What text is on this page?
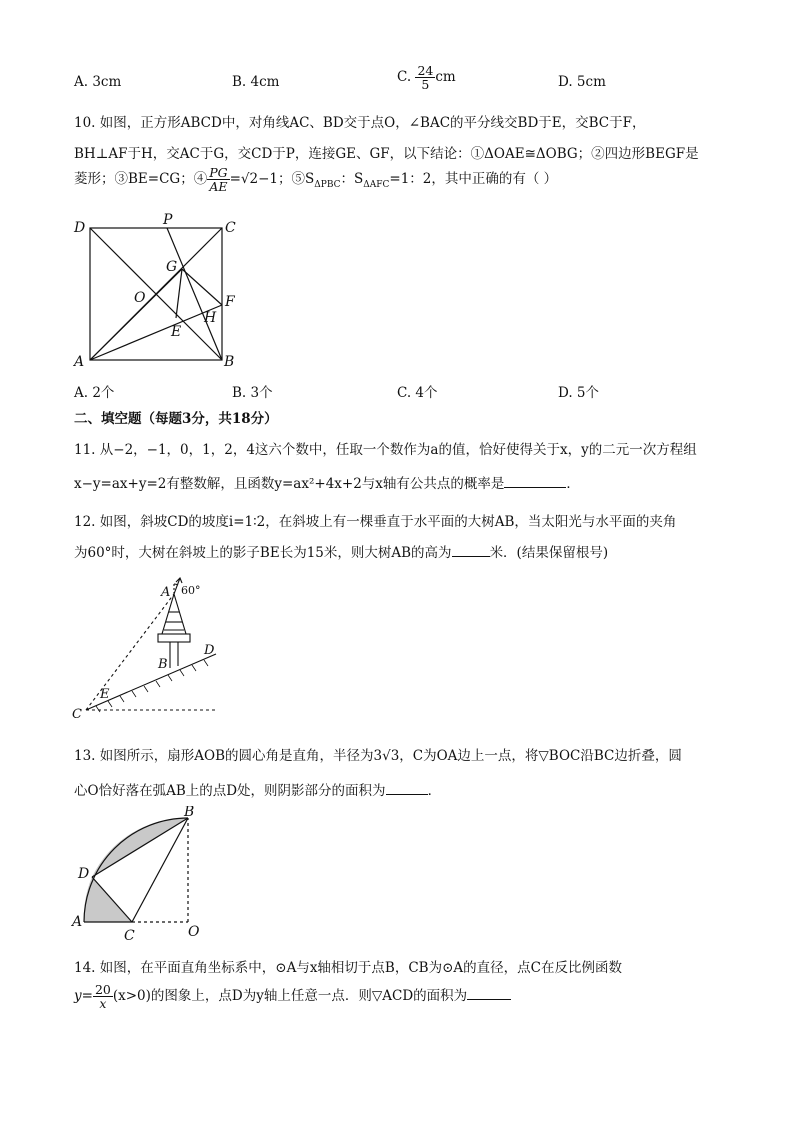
A. 3cm	B. 4cm	C. $\frac{24}{5}$ cm	D. 5cm
10. 如图，正方形ABCD中，对角线AC、BD交于点O，∠BAC的平分线交BD于E，交BC于F，
BH⊥AF于H，交AC于G，交CD于P，连接GE、GF，以下结论：①ΔOAE≅ΔOBG；②四边形BEGF是
菱形；③BE=CG；④ $\frac{PG}{AE} =√2-1$；$⑤S_{\Delta PBC}$：$S_{\Delta AFC}=1$：2，其中正确的有（ ）
D	P	C
G
O	F
H
E
A	B
A. 2个	B. 3个	C. 4个	D. 5个
二、填空题（每题3分，共18分）
11. 从−2，−1，0，1，2，4这六个数中，任取一个数作为a的值，恰好使得关于x，y的二元一次方程组
x−y=ax+y=2有整数解，且函数y=ax²+4x+2与x轴有公共点的概率是	．
12. 如图，斜坡CD的坡度i=1∶2，在斜坡上有一棵垂直于水平面的大树AB，当太阳光与水平面的夹角
为60°时，大树在斜坡上的影子BE长为15米，则大树AB的高为	米．(结果保留根号)
A 60°
B
D
E
C
13. 如图所示，扇形AOB的圆心角是直角，半径为3√3，C为OA边上一点，将▽BOC沿BC边折叠，圆
心O恰好落在弧AB上的点D处，则阴影部分的面积为	．
B
D
A
C	O
14. 如图，在平面直角坐标系中，⊙A与x轴相切于点B，CB为⊙A的直径，点C在反比例函数
$y= \frac{20}{x} (x>0)$的图象上，点D为y轴上任意一点．则▽ACD的面积为
